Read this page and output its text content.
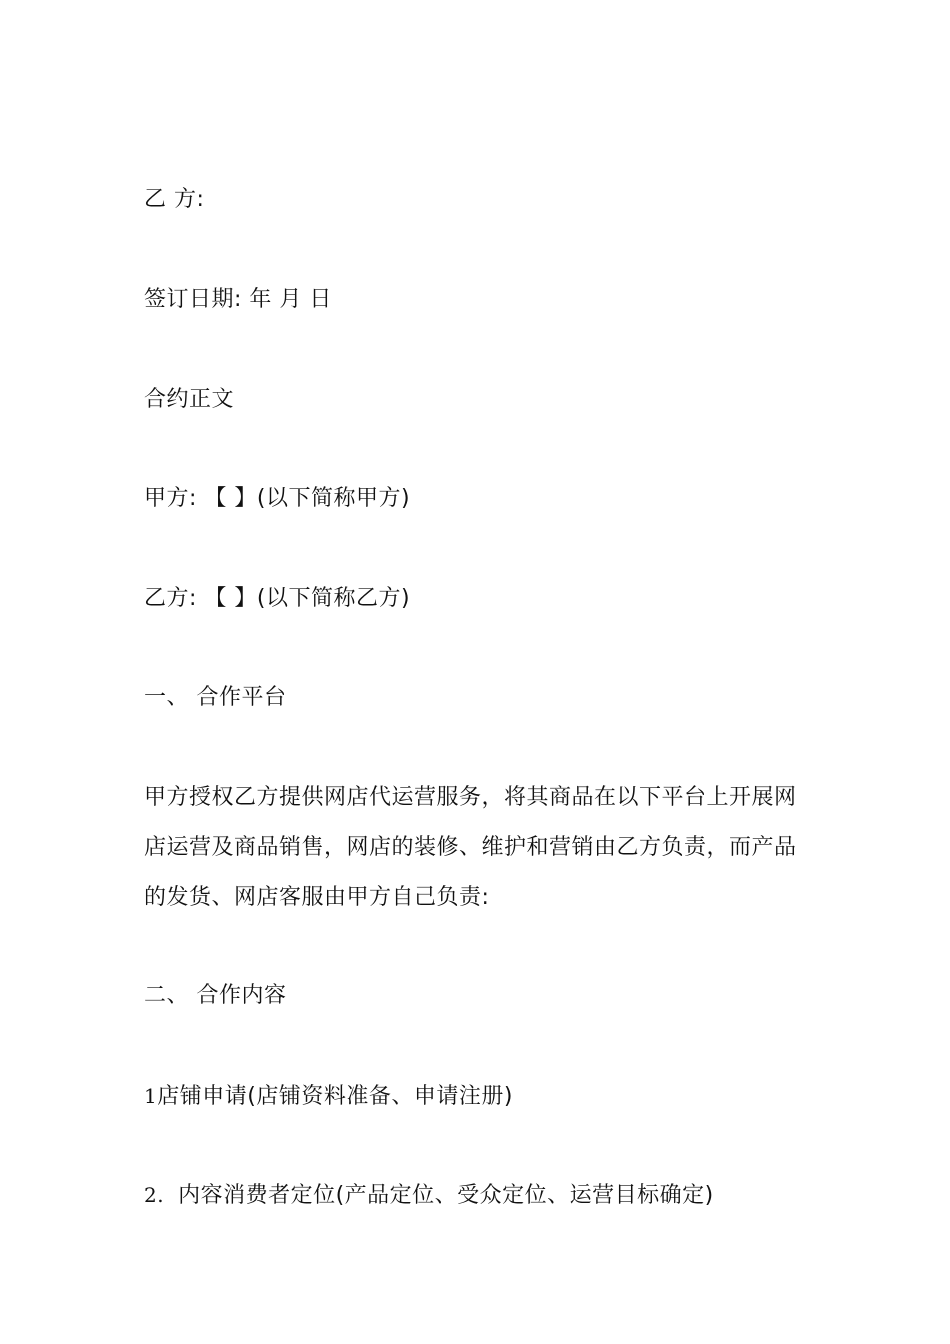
乙 方:
签订日期: 年 月 日
合约正文
甲方: 【 】(以下简称甲方)
乙方: 【 】(以下简称乙方)
一、 合作平台
甲方授权乙方提供网店代运营服务，将其商品在以下平台上开展网
店运营及商品销售，网店的装修、维护和营销由乙方负责，而产品
的发货、网店客服由甲方自己负责:
二、 合作内容
1店铺申请(店铺资料准备、申请注册)
2. 内容消费者定位(产品定位、受众定位、运营目标确定)
